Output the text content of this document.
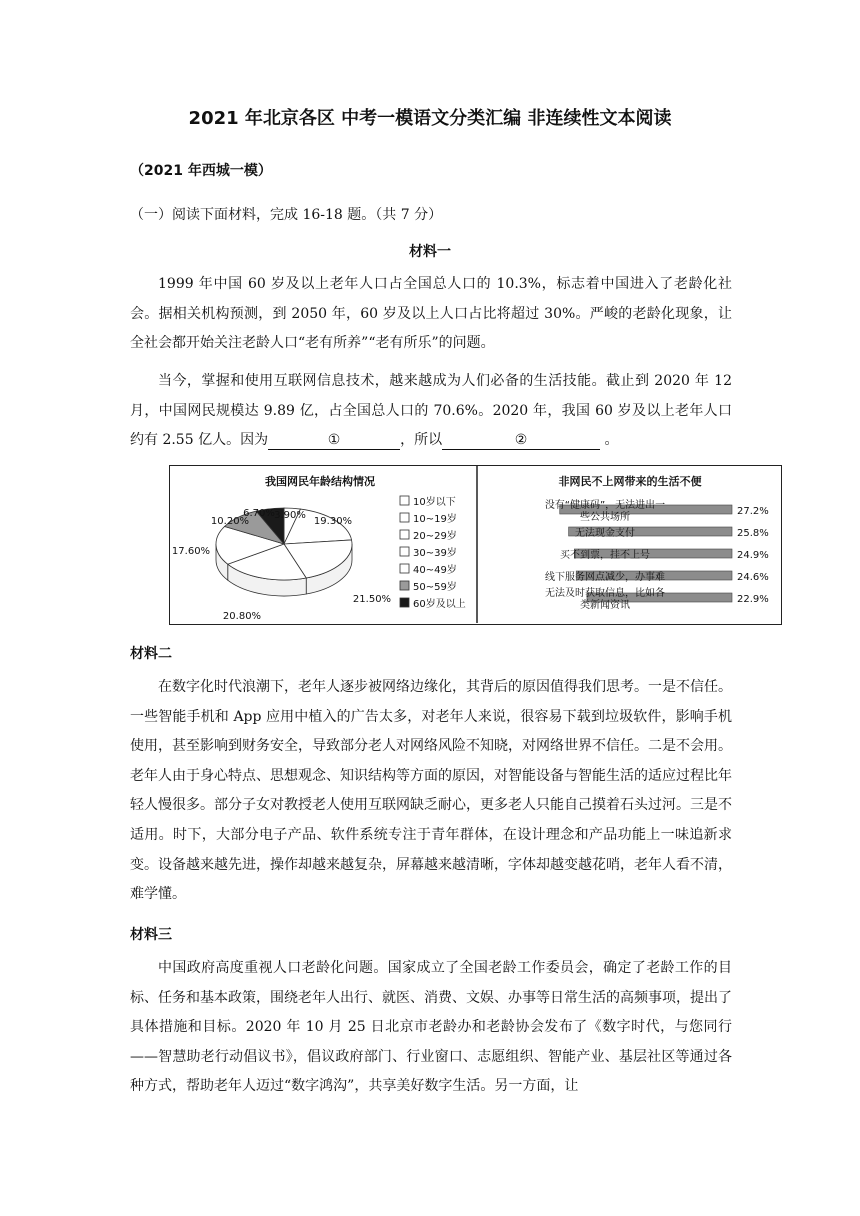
2021 年北京各区 中考一模语文分类汇编 非连续性文本阅读
（2021 年西城一模）
（一）阅读下面材料，完成 16-18 题。（共 7 分）
材料一

1999 年中国 60 岁及以上老年人口占全国总人口的 10.3%，标志着中国进入了老龄化社会。据相关机构预测，到 2050 年，60 岁及以上人口占比将超过 30%。严峻的老龄化现象，让全社会都开始关注老龄人口“老有所养”“老有所乐”的问题。

当今，掌握和使用互联网信息技术，越来越成为人们必备的生活技能。截止到 2020 年 12 月，中国网民规模达 9.89 亿，占全国总人口的 70.6%。2020 年，我国 60 岁及以上老年人口约有 2.55 亿人。因为	①	，所以	②	。

我国网民年龄结构情况
3.90%
19.30%
21.50%
20.80%
17.60%
10.20%
6.70%
10岁以下
10~19岁
20~29岁
30~39岁
40~49岁
50~59岁
60岁及以上
非网民不上网带来的生活不便
27.2%
没有“健康码”，无法进出一
些公共场所
25.8%
无法现金支付
24.9%
买不到票，挂不上号
24.6%
线下服务网点减少，办事难
22.9%
无法及时获取信息，比如各
类新闻资讯
材料二

在数字化时代浪潮下，老年人逐步被网络边缘化，其背后的原因值得我们思考。一是不信任。一些智能手机和 App 应用中植入的广告太多，对老年人来说，很容易下载到垃圾软件，影响手机使用，甚至影响到财务安全，导致部分老人对网络风险不知晓，对网络世界不信任。二是不会用。老年人由于身心特点、思想观念、知识结构等方面的原因，对智能设备与智能生活的适应过程比年轻人慢很多。部分子女对教授老人使用互联网缺乏耐心，更多老人只能自己摸着石头过河。三是不适用。时下，大部分电子产品、软件系统专注于青年群体，在设计理念和产品功能上一味追新求变。设备越来越先进，操作却越来越复杂，屏幕越来越清晰，字体却越变越花哨，老年人看不清，难学懂。

材料三

中国政府高度重视人口老龄化问题。国家成立了全国老龄工作委员会，确定了老龄工作的目标、任务和基本政策，围绕老年人出行、就医、消费、文娱、办事等日常生活的高频事项，提出了具体措施和目标。2020 年 10 月 25 日北京市老龄办和老龄协会发布了《数字时代，与您同行——智慧助老行动倡议书》，倡议政府部门、行业窗口、志愿组织、智能产业、基层社区等通过各种方式，帮助老年人迈过“数字鸿沟”，共享美好数字生活。另一方面，让
